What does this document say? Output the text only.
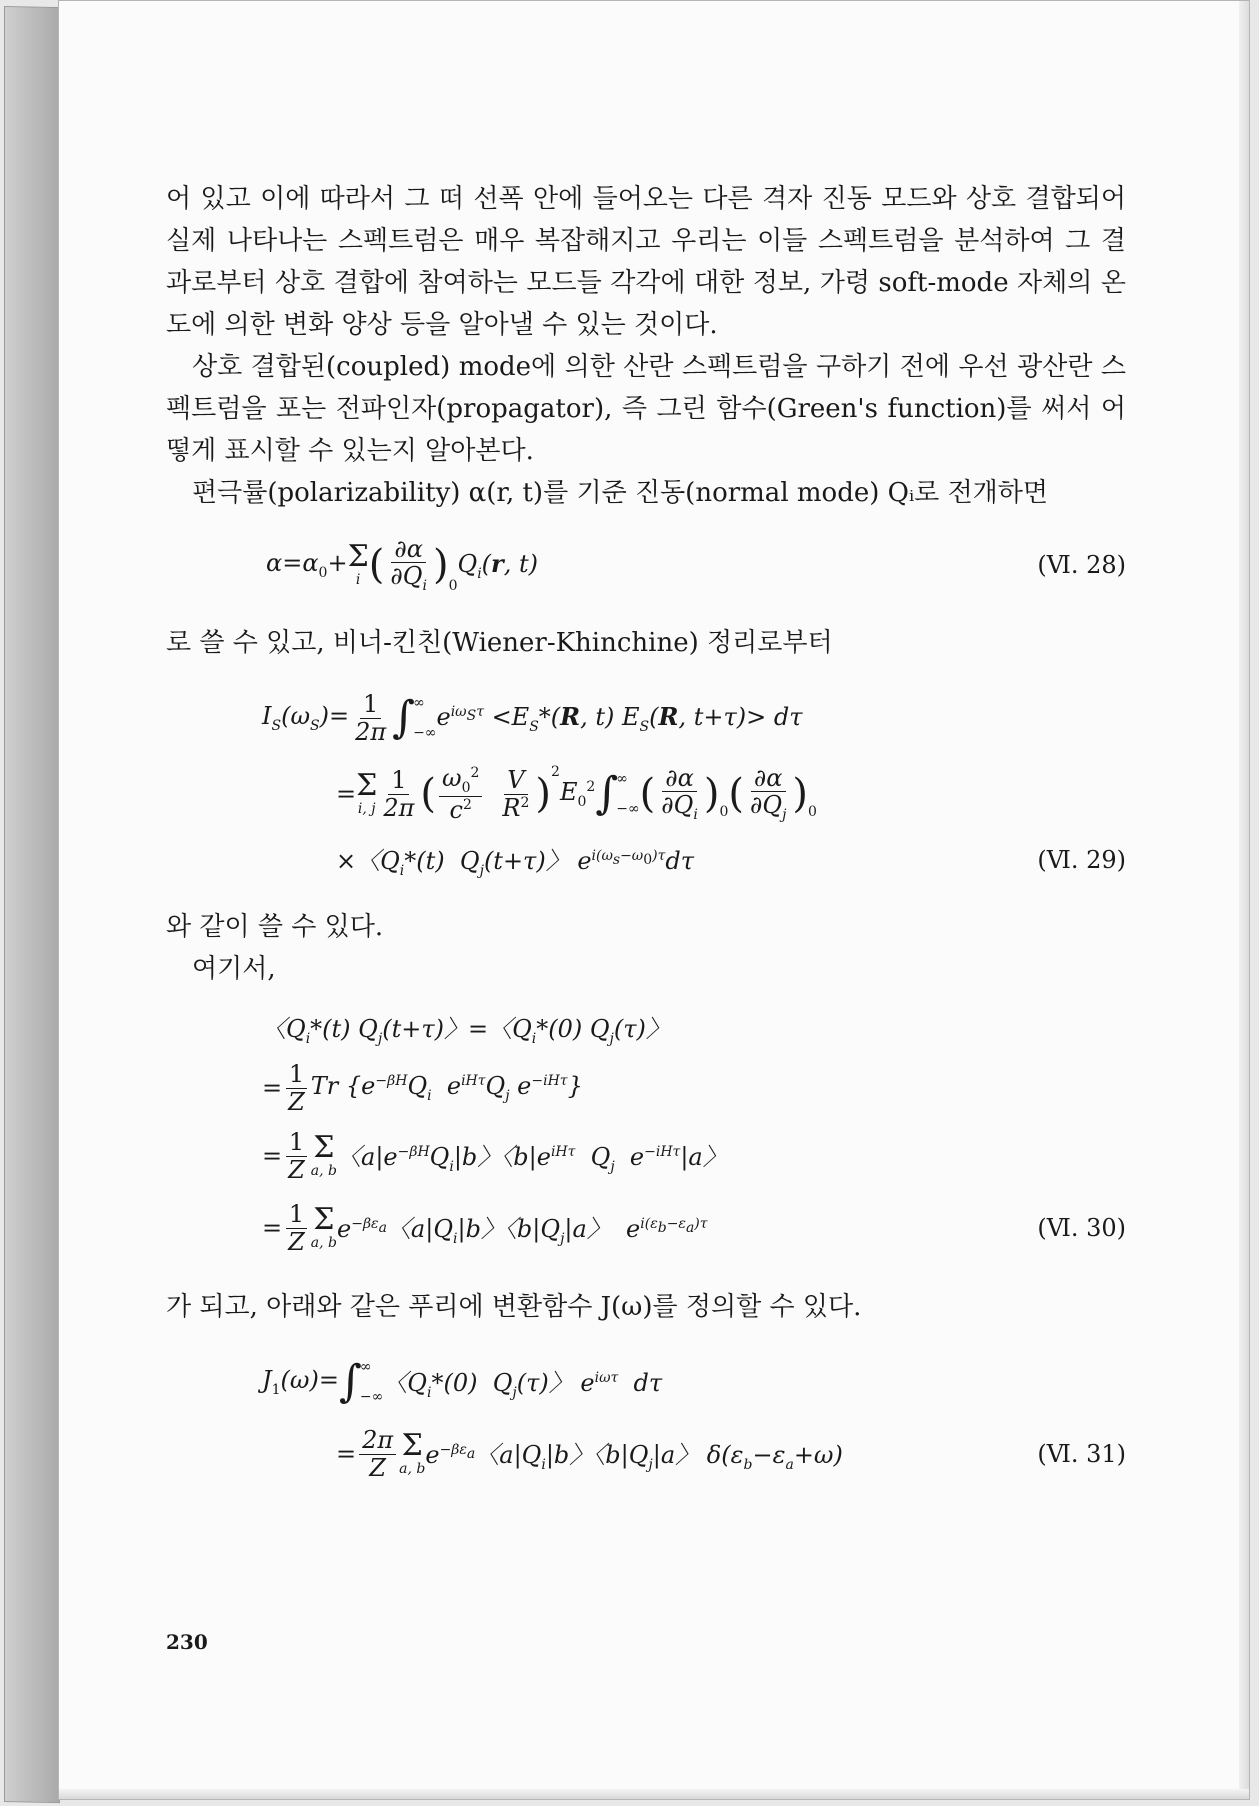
어 있고 이에 따라서 그 떠 선폭 안에 들어오는 다른 격자 진동 모드와 상호 결합되어 실제 나타나는 스펙트럼은 매우 복잡해지고 우리는 이들 스펙트럼을 분석하여 그 결과로부터 상호 결합에 참여하는 모드들 각각에 대한 정보, 가령 soft-mode 자체의 온도에 의한 변화 양상 등을 알아낼 수 있는 것이다.

상호 결합된(coupled) mode에 의한 산란 스펙트럼을 구하기 전에 우선 광산란 스펙트럼을 포는 전파인자(propagator), 즉 그린 함수(Green's function)를 써서 어떻게 표시할 수 있는지 알아본다.

편극률(polarizability) α(r, t)를 기준 진동(normal mode) Qᵢ로 전개하면

$\alpha=\alpha_0+ \Sigma$
i ( $\frac{\partial\alpha}{\partial Q_i} )_0$
$Q_i(r$, t)	(Ⅵ. 28)

로 쓸 수 있고, 비너-킨친(Wiener-Khinchine) 정리로부터

$I_S(\omega_S)= \frac{1}{2\pi}$ ∫
∞
−∞
$e^{i\omega_S\tau} <E_S*(R$, t) $E_S(R$, t+τ)> dτ
= Σ
i, j $\frac{1}{2\pi}$ ( $\frac{\omega_0^2}{c^2} \frac{V}{R^2} )^2$
$E_0^2$ ∫
∞
−∞ ( $\frac{\partial\alpha}{\partial Q_i} )_0$ ( $\frac{\partial\alpha}{\partial Q_j} )_0$
×〈$Q_i*(t)$  $Q_j(t+\tau)$〉 $e^{i(\omega_s-\omega_0)\tau}d\tau$	(Ⅵ. 29)

와 같이 쓸 수 있다.

여기서,

〈$Q_i*(t)$ $Q_j(t+\tau)$〉=〈$Q_i*(0)$ $Q_j(\tau)$〉
= $\frac{1}{Z}$ Tr {$e^{-\beta H}Q_i$  $e^{iH\tau}Q_j$ $e^{-iH\tau}$}
= $\frac{1}{Z}$ Σ
a, b 〈$a|e^{-\beta H}Q_i|b$〉〈$b|e^{iH\tau}$  $Q_j$  $e^{-iH\tau}|a$〉
= $\frac{1}{Z}$ Σ
a, b $e^{-\beta\varepsilon_a}$〈$a|Q_i|b$〉〈$b|Q_j|a$〉  $e^{i(\varepsilon_b-\varepsilon_a)\tau}$	(Ⅵ. 30)

가 되고, 아래와 같은 푸리에 변환함수 J(ω)를 정의할 수 있다.

$J_1(\omega)=$ ∫
∞
−∞ 〈$Q_i*(0)$  $Q_j(\tau)$〉 $e^{i\omega\tau}$  dτ
= $\frac{2\pi}{Z}$ Σ
a, b $e^{-\beta\varepsilon_a}$〈$a|Q_i|b$〉〈$b|Q_j|a$〉 $\delta(\varepsilon_b-\varepsilon_a+\omega)$	(Ⅵ. 31)
230
